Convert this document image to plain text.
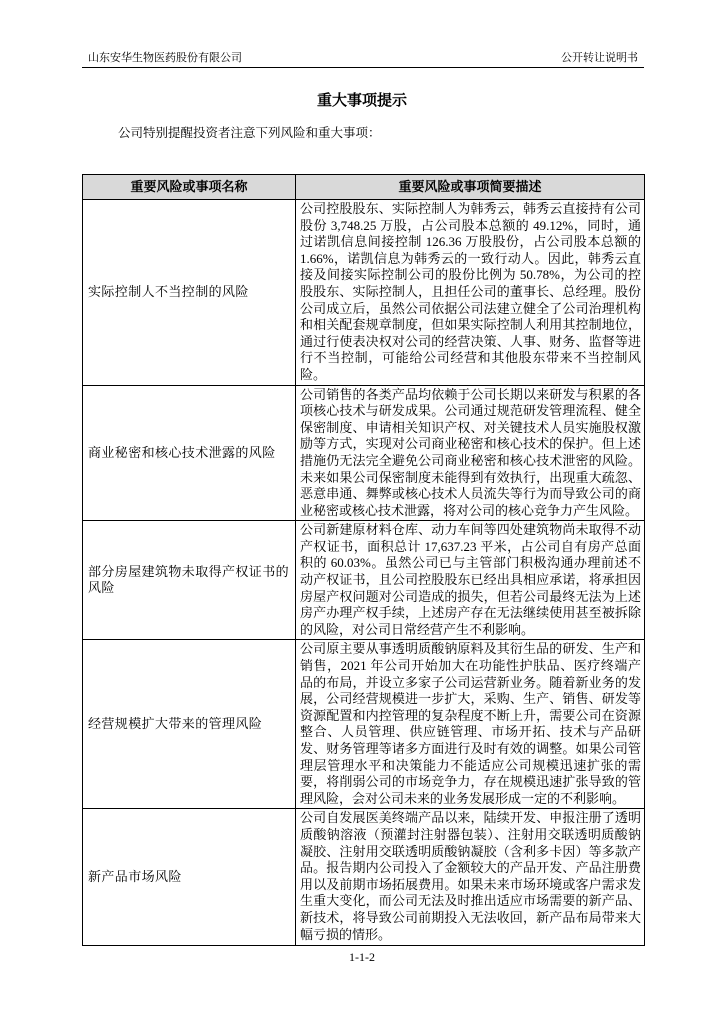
山东安华生物医药股份有限公司	公开转让说明书
重大事项提示
公司特别提醒投资者注意下列风险和重大事项：
重要风险或事项名称	重要风险或事项简要描述
实际控制人不当控制的风险	公司控股股东、实际控制人为韩秀云，韩秀云直接持有公司股份 3,748.25 万股，占公司股本总额的 49.12%，同时，通过诺凯信息间接控制 126.36 万股股份，占公司股本总额的 1.66%，诺凯信息为韩秀云的一致行动人。因此，韩秀云直接及间接实际控制公司的股份比例为 50.78%，为公司的控股股东、实际控制人，且担任公司的董事长、总经理。股份公司成立后，虽然公司依据公司法建立健全了公司治理机构和相关配套规章制度，但如果实际控制人利用其控制地位，通过行使表决权对公司的经营决策、人事、财务、监督等进行不当控制，可能给公司经营和其他股东带来不当控制风险。
商业秘密和核心技术泄露的风险	公司销售的各类产品均依赖于公司长期以来研发与积累的各项核心技术与研发成果。公司通过规范研发管理流程、健全保密制度、申请相关知识产权、对关键技术人员实施股权激励等方式，实现对公司商业秘密和核心技术的保护。但上述措施仍无法完全避免公司商业秘密和核心技术泄密的风险。未来如果公司保密制度未能得到有效执行，出现重大疏忽、恶意串通、舞弊或核心技术人员流失等行为而导致公司的商业秘密或核心技术泄露，将对公司的核心竞争力产生风险。
部分房屋建筑物未取得产权证书的风险	公司新建原材料仓库、动力车间等四处建筑物尚未取得不动产权证书，面积总计 17,637.23 平米，占公司自有房产总面积的 60.03%。虽然公司已与主管部门积极沟通办理前述不动产权证书，且公司控股股东已经出具相应承诺，将承担因房屋产权问题对公司造成的损失，但若公司最终无法为上述房产办理产权手续，上述房产存在无法继续使用甚至被拆除的风险，对公司日常经营产生不利影响。
经营规模扩大带来的管理风险	公司原主要从事透明质酸钠原料及其衍生品的研发、生产和销售，2021 年公司开始加大在功能性护肤品、医疗终端产品的布局，并设立多家子公司运营新业务。随着新业务的发展，公司经营规模进一步扩大，采购、生产、销售、研发等资源配置和内控管理的复杂程度不断上升，需要公司在资源整合、人员管理、供应链管理、市场开拓、技术与产品研发、财务管理等诸多方面进行及时有效的调整。如果公司管理层管理水平和决策能力不能适应公司规模迅速扩张的需要，将削弱公司的市场竞争力，存在规模迅速扩张导致的管理风险，会对公司未来的业务发展形成一定的不利影响。
新产品市场风险	公司自发展医美终端产品以来，陆续开发、申报注册了透明质酸钠溶液（预灌封注射器包装）、注射用交联透明质酸钠凝胶、注射用交联透明质酸钠凝胶（含利多卡因）等多款产品。报告期内公司投入了金额较大的产品开发、产品注册费用以及前期市场拓展费用。如果未来市场环境或客户需求发生重大变化，而公司无法及时推出适应市场需要的新产品、新技术，将导致公司前期投入无法收回，新产品布局带来大幅亏损的情形。
1-1-2
